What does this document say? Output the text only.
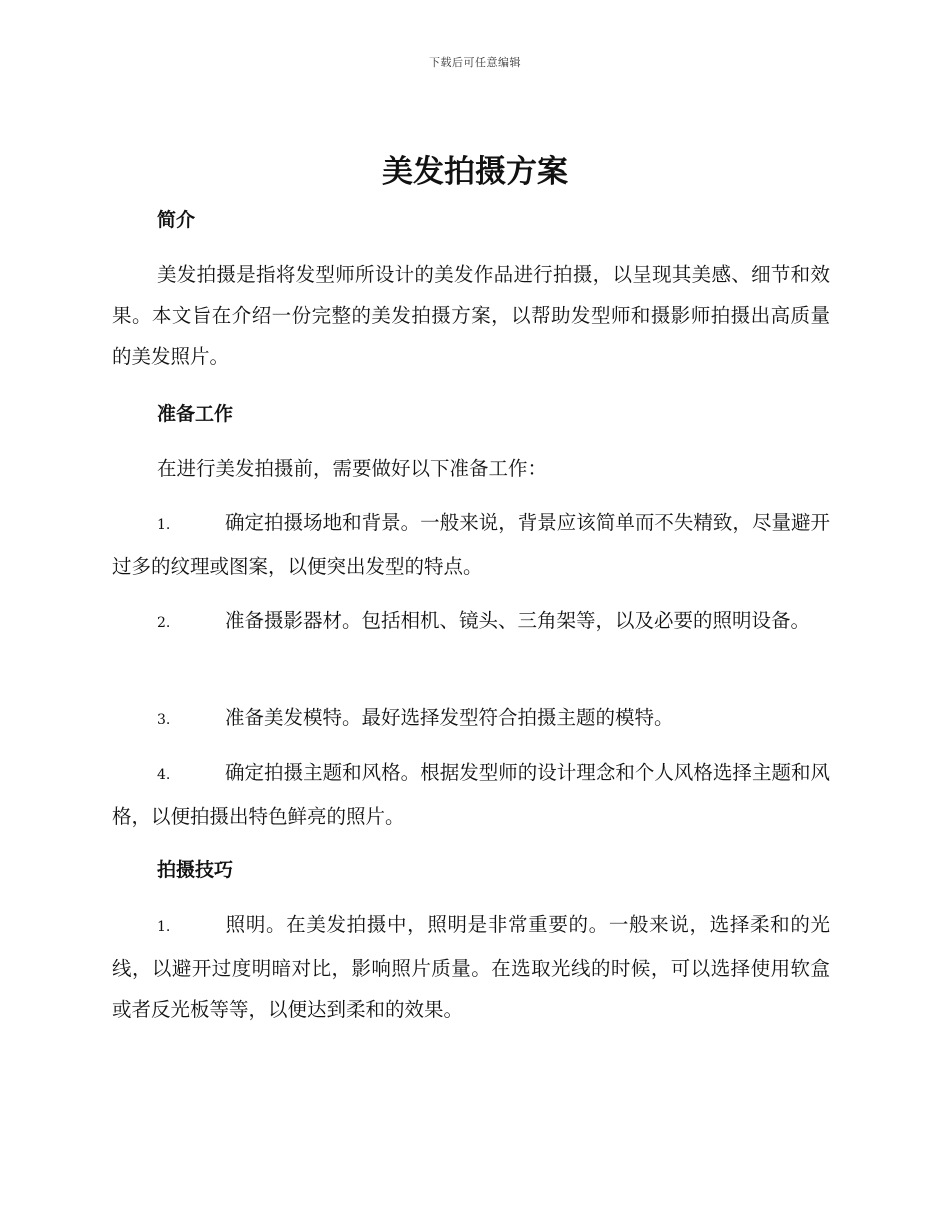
下载后可任意编辑
美发拍摄方案
简介

美发拍摄是指将发型师所设计的美发作品进行拍摄，以呈现其美感、细节和效果。本文旨在介绍一份完整的美发拍摄方案，以帮助发型师和摄影师拍摄出高质量的美发照片。

准备工作

在进行美发拍摄前，需要做好以下准备工作：

1.	确定拍摄场地和背景。一般来说，背景应该简单而不失精致，尽量避开过多的纹理或图案，以便突出发型的特点。

2.	准备摄影器材。包括相机、镜头、三角架等，以及必要的照明设备。

3.	准备美发模特。最好选择发型符合拍摄主题的模特。

4.	确定拍摄主题和风格。根据发型师的设计理念和个人风格选择主题和风格，以便拍摄出特色鲜亮的照片。

拍摄技巧

1.	照明。在美发拍摄中，照明是非常重要的。一般来说，选择柔和的光线，以避开过度明暗对比，影响照片质量。在选取光线的时候，可以选择使用软盒或者反光板等等，以便达到柔和的效果。
